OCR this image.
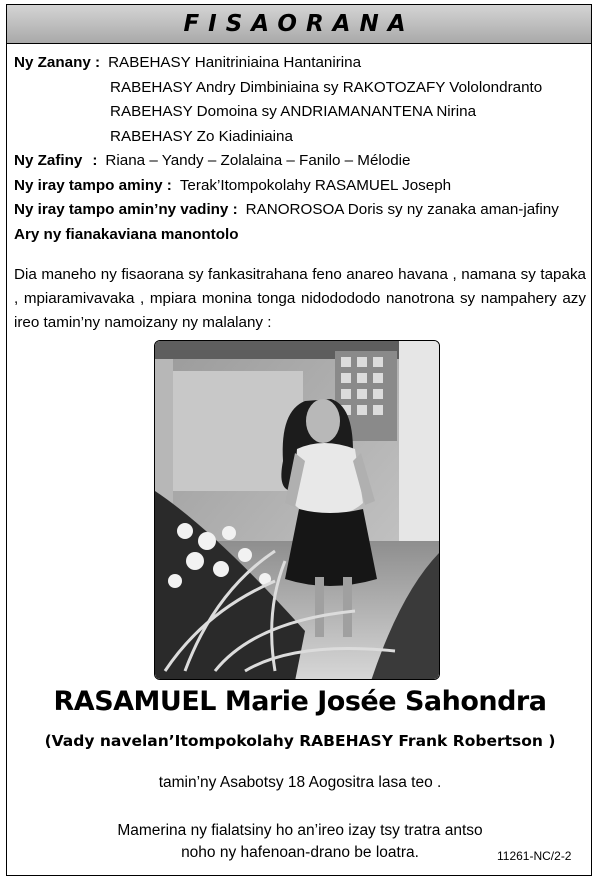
FISAORANA
Ny Zanany : RABEHASY Hanitriniaina Hantanirina
RABEHASY Andry Dimbiniaina sy RAKOTOZAFY Vololondranto
RABEHASY Domoina sy ANDRIAMANANTENA Nirina
RABEHASY Zo Kiadiniaina
Ny Zafiny : Riana – Yandy – Zolalaina – Fanilo – Mélodie
Ny iray tampo aminy : Terak’Itompokolahy RASAMUEL Joseph
Ny iray tampo amin’ny vadiny : RANOROSOA Doris sy ny zanaka aman-jafiny
Ary ny fianakaviana manontolo
Dia maneho ny fisaorana sy fankasitrahana feno anareo havana , namana sy tapaka , mpiaramivavaka , mpiara monina tonga nidodododo nanotrona sy nampahery azy ireo tamin’ny namoizany ny malalany :
RASAMUEL Marie Josée Sahondra
(Vady navelan’Itompokolahy RABEHASY Frank Robertson )
tamin’ny Asabotsy 18 Aogositra lasa teo .
Mamerina ny fialatsiny ho an’ireo izay tsy tratra antso
noho ny hafenoan-drano be loatra.	11261-NC/2-2
